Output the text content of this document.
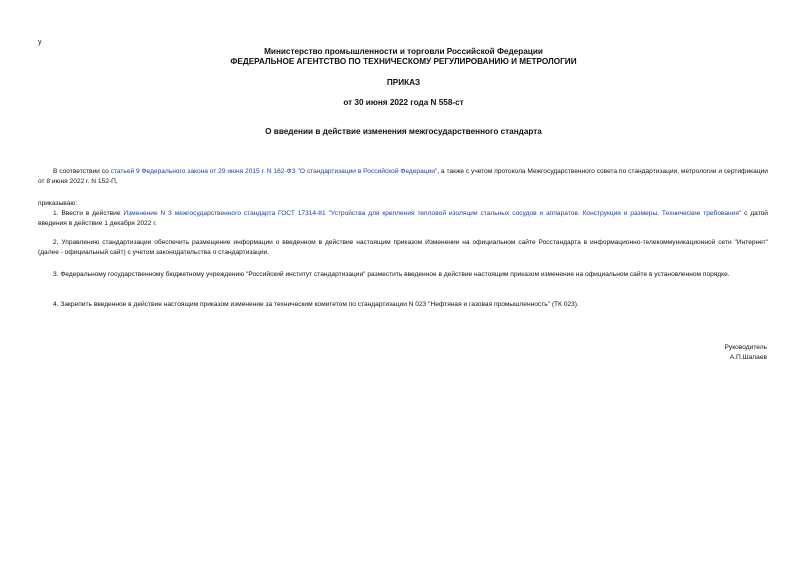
у
Министерство промышленности и торговли Российской Федерации
ФЕДЕРАЛЬНОЕ АГЕНТСТВО ПО ТЕХНИЧЕСКОМУ РЕГУЛИРОВАНИЮ И МЕТРОЛОГИИ
ПРИКАЗ
от 30 июня 2022 года N 558-ст
О введении в действие изменения межгосударственного стандарта
В соответствии со статьей 9 Федерального закона от 29 июня 2015 г. N 162-ФЗ "О стандартизации в Российской Федерации", а также с учетом протокола Межгосударственного совета по стандартизации, метрологии и сертификации от 8 июня 2022 г. N 152-П,
приказываю:
1. Ввести в действие Изменение N 3 межгосударственного стандарта ГОСТ 17314-81 "Устройства для крепления тепловой изоляции стальных сосудов и аппаратов. Конструкция и размеры. Технические требования" с датой введения в действие 1 декабря 2022 г.
2. Управлению стандартизации обеспечить размещение информации о введенном в действие настоящим приказом Изменении на официальном сайте Росстандарта в информационно-телекоммуникационной сети "Интернет" (далее - официальный сайт) с учетом законодательства о стандартизации.
3. Федеральному государственному бюджетному учреждению "Российский институт стандартизации" разместить введенное в действие настоящим приказом изменение на официальном сайте в установленном порядке.
4. Закрепить введенное в действие настоящим приказом изменение за техническим комитетом по стандартизации N 023 "Нефтяная и газовая промышленность" (ТК 023).
Руководитель
А.П.Шалаев
